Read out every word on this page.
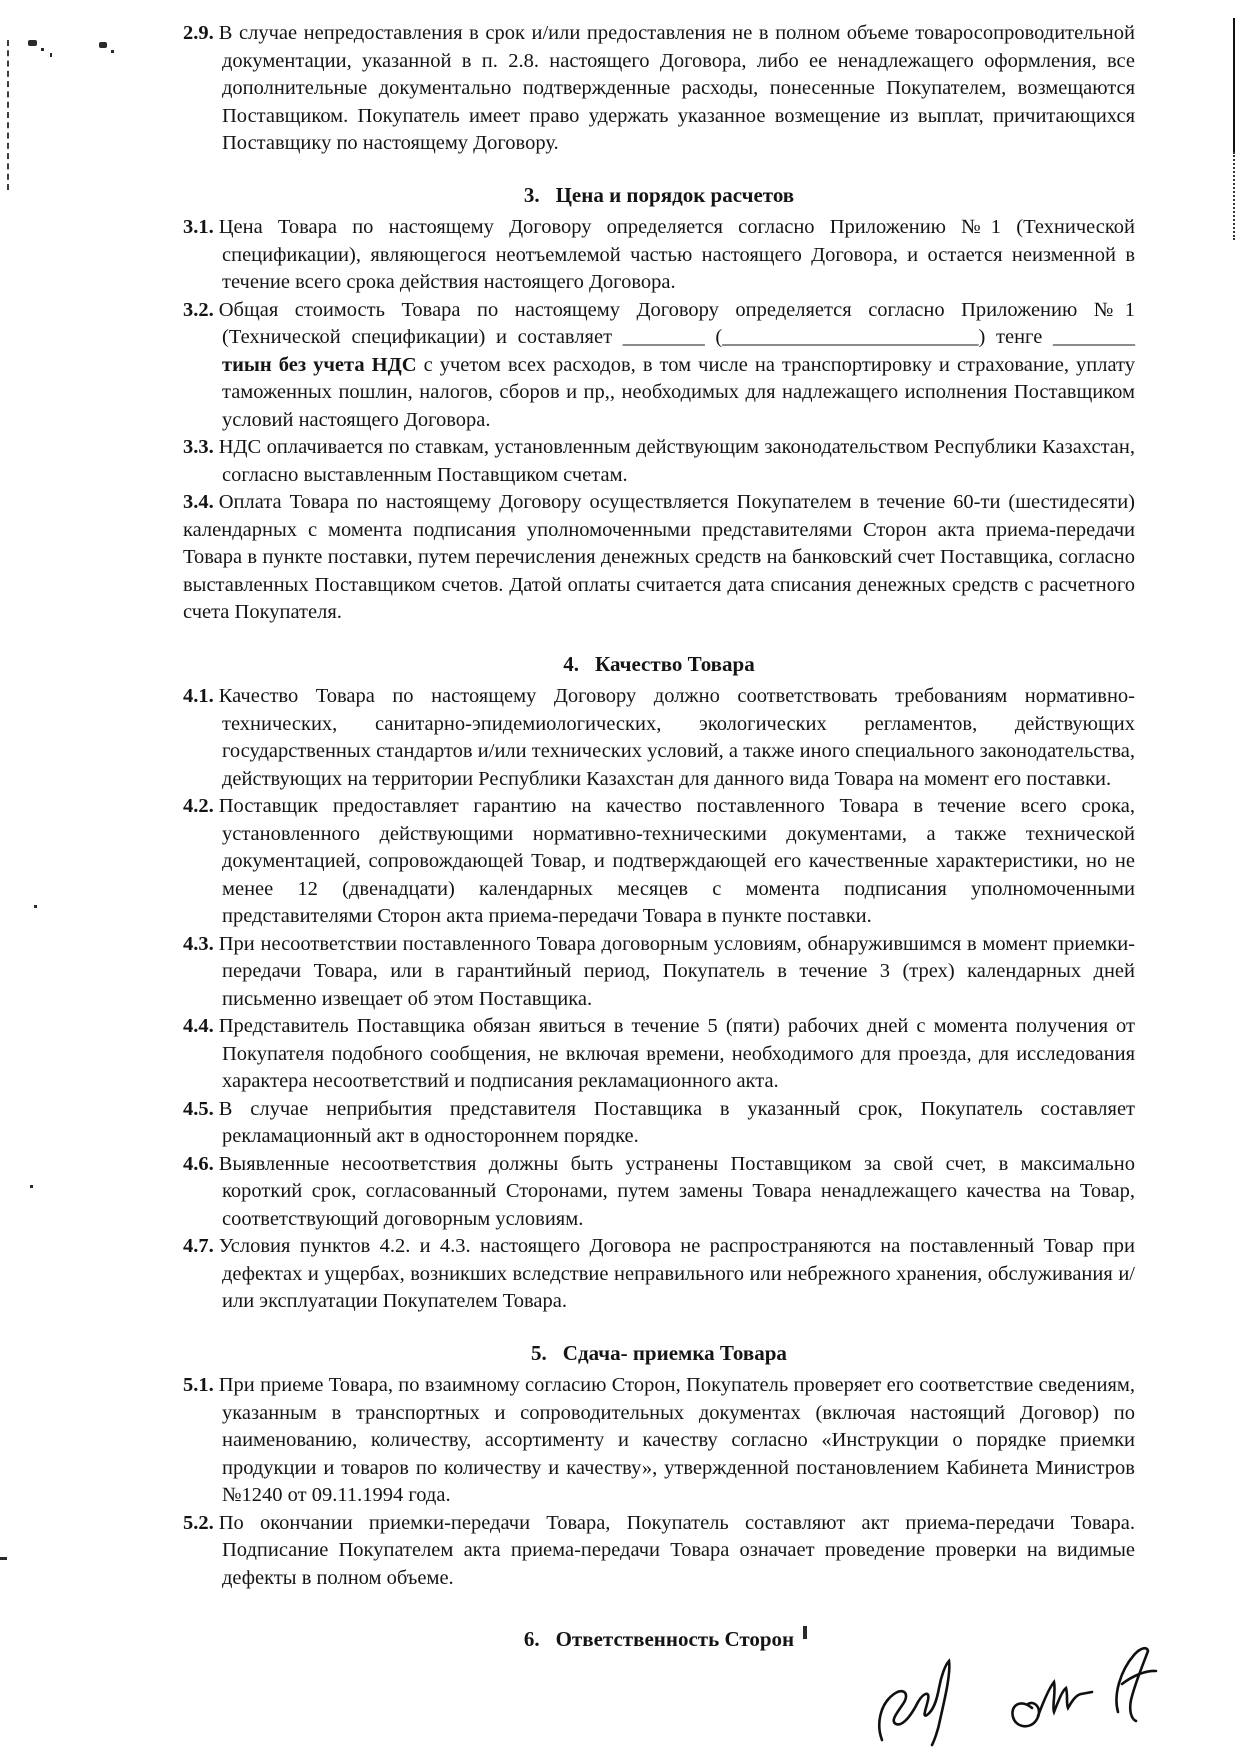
2.9. В случае непредоставления в срок и/или предоставления не в полном объеме товаросопроводительной документации, указанной в п. 2.8. настоящего Договора, либо ее ненадлежащего оформления, все дополнительные документально подтвержденные расходы, понесенные Покупателем, возмещаются Поставщиком. Покупатель имеет право удержать указанное возмещение из выплат, причитающихся Поставщику по настоящему Договору.

3. Цена и порядок расчетов

3.1. Цена Товара по настоящему Договору определяется согласно Приложению №1 (Технической спецификации), являющегося неотъемлемой частью настоящего Договора, и остается неизменной в течение всего срока действия настоящего Договора.

3.2. Общая стоимость Товара по настоящему Договору определяется согласно Приложению №1 (Технической спецификации) и составляет ________ (_________________________) тенге ________ тиын без учета НДС с учетом всех расходов, в том числе на транспортировку и страхование, уплату таможенных пошлин, налогов, сборов и пр,, необходимых для надлежащего исполнения Поставщиком условий настоящего Договора.

3.3. НДС оплачивается по ставкам, установленным действующим законодательством Республики Казахстан, согласно выставленным Поставщиком счетам.

3.4. Оплата Товара по настоящему Договору осуществляется Покупателем в течение 60-ти (шестидесяти) календарных с момента подписания уполномоченными представителями Сторон акта приема-передачи Товара в пункте поставки, путем перечисления денежных средств на банковский счет Поставщика, согласно выставленных Поставщиком счетов. Датой оплаты считается дата списания денежных средств с расчетного счета Покупателя.

4. Качество Товара

4.1. Качество Товара по настоящему Договору должно соответствовать требованиям нормативно-технических, санитарно-эпидемиологических, экологических регламентов, действующих государственных стандартов и/или технических условий, а также иного специального законодательства, действующих на территории Республики Казахстан для данного вида Товара на момент его поставки.

4.2. Поставщик предоставляет гарантию на качество поставленного Товара в течение всего срока, установленного действующими нормативно-техническими документами, а также технической документацией, сопровождающей Товар, и подтверждающей его качественные характеристики, но не менее 12 (двенадцати) календарных месяцев с момента подписания уполномоченными представителями Сторон акта приема-передачи Товара в пункте поставки.

4.3. При несоответствии поставленного Товара договорным условиям, обнаружившимся в момент приемки-передачи Товара, или в гарантийный период, Покупатель в течение 3 (трех) календарных дней письменно извещает об этом Поставщика.

4.4. Представитель Поставщика обязан явиться в течение 5 (пяти) рабочих дней с момента получения от Покупателя подобного сообщения, не включая времени, необходимого для проезда, для исследования характера несоответствий и подписания рекламационного акта.

4.5. В случае неприбытия представителя Поставщика в указанный срок, Покупатель составляет рекламационный акт в одностороннем порядке.

4.6. Выявленные несоответствия должны быть устранены Поставщиком за свой счет, в максимально короткий срок, согласованный Сторонами, путем замены Товара ненадлежащего качества на Товар, соответствующий договорным условиям.

4.7. Условия пунктов 4.2. и 4.3. настоящего Договора не распространяются на поставленный Товар при дефектах и ущербах, возникших вследствие неправильного или небрежного хранения, обслуживания и/или эксплуатации Покупателем Товара.

5. Сдача- приемка Товара

5.1. При приеме Товара, по взаимному согласию Сторон, Покупатель проверяет его соответствие сведениям, указанным в транспортных и сопроводительных документах (включая настоящий Договор) по наименованию, количеству, ассортименту и качеству согласно «Инструкции о порядке приемки продукции и товаров по количеству и качеству», утвержденной постановлением Кабинета Министров №1240 от 09.11.1994 года.

5.2. По окончании приемки-передачи Товара, Покупатель составляют акт приема-передачи Товара. Подписание Покупателем акта приема-передачи Товара означает проведение проверки на видимые дефекты в полном объеме.

6. Ответственность Сторон
